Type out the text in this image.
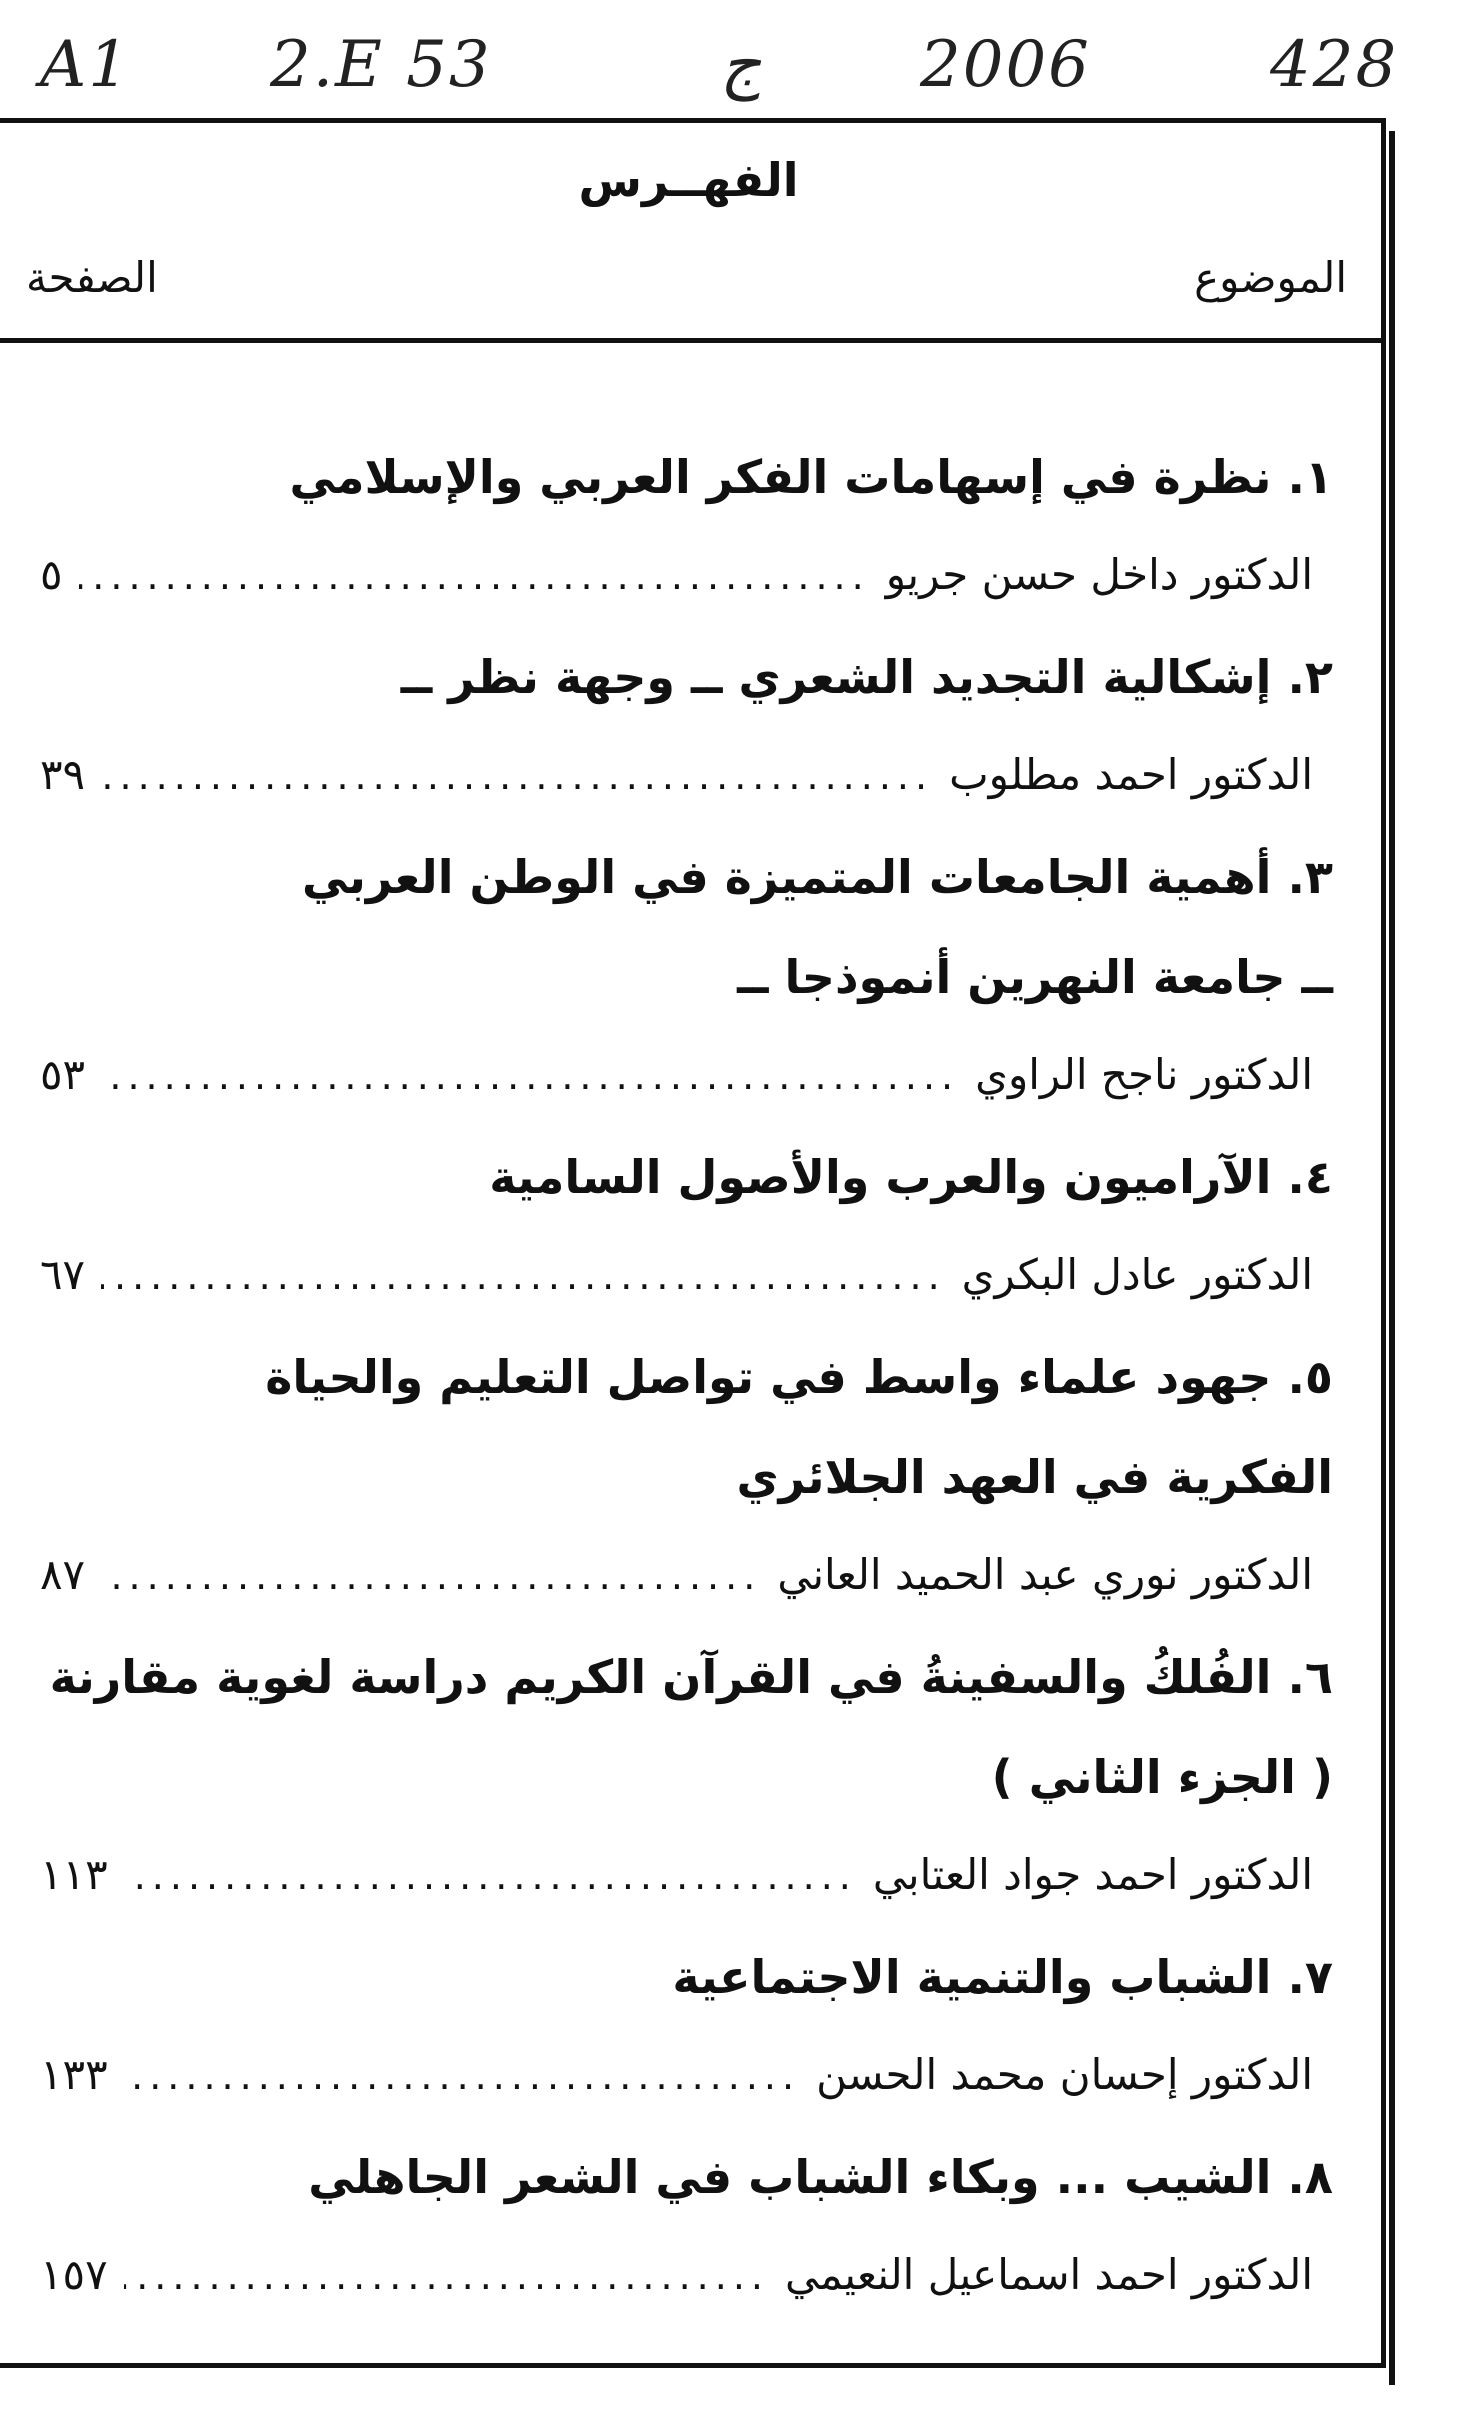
A1 2.E 53	ج 2006	428
الفهــرس
الموضوع
الصفحة
١. نظرة في إسهامات الفكر العربي والإسلامي
الدكتور داخل حسن جريو
.....
٥
٢. إشكالية التجديد الشعري ــ وجهة نظر ــ
الدكتور احمد مطلوب
.....
٣٩
٣. أهمية الجامعات المتميزة في الوطن العربي
ــ جامعة النهرين أنموذجا ــ
الدكتور ناجح الراوي
.....
٥٣
٤. الآراميون والعرب والأصول السامية
الدكتور عادل البكري
.....
٦٧
٥. جهود علماء واسط في تواصل التعليم والحياة
الفكرية في العهد الجلائري
الدكتور نوري عبد الحميد العاني
.....
٨٧
٦. الفُلكُ والسفينةُ في القرآن الكريم دراسة لغوية مقارنة
( الجزء الثاني )
الدكتور احمد جواد العتابي
.....
١١٣
٧. الشباب والتنمية الاجتماعية
الدكتور إحسان محمد الحسن
.....
١٣٣
٨. الشيب ... وبكاء الشباب في الشعر الجاهلي
الدكتور احمد اسماعيل النعيمي
.....
١٥٧
